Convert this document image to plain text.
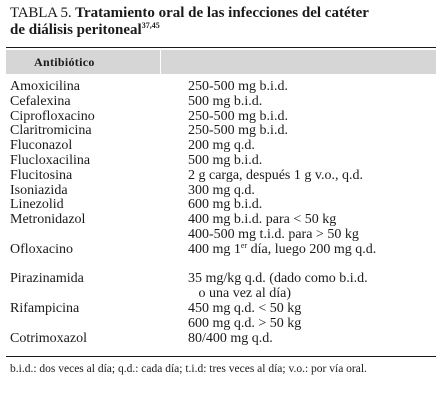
TABLA 5. Tratamiento oral de las infecciones del catéter
de diálisis peritoneal$^{37,45}$
Antibiótico
Amoxicilina	250-500 mg b.i.d.
Cefalexina	500 mg b.i.d.
Ciprofloxacino	250-500 mg b.i.d.
Claritromicina	250-500 mg b.i.d.
Fluconazol	200 mg q.d.
Flucloxacilina	500 mg b.i.d.
Flucitosina	2 g carga, después 1 g v.o., q.d.
Isoniazida	300 mg q.d.
Linezolid	600 mg b.i.d.
Metronidazol	400 mg b.i.d. para < 50 kg
400-500 mg t.i.d. para > 50 kg
Ofloxacino	400 mg 1er día, luego 200 mg q.d.
Pirazinamida	35 mg/kg q.d. (dado como b.i.d.
o una vez al día)
Rifampicina	450 mg q.d. < 50 kg
600 mg q.d. > 50 kg
Cotrimoxazol	80/400 mg q.d.
b.i.d.: dos veces al día; q.d.: cada día; t.i.d: tres veces al día; v.o.: por vía oral.
